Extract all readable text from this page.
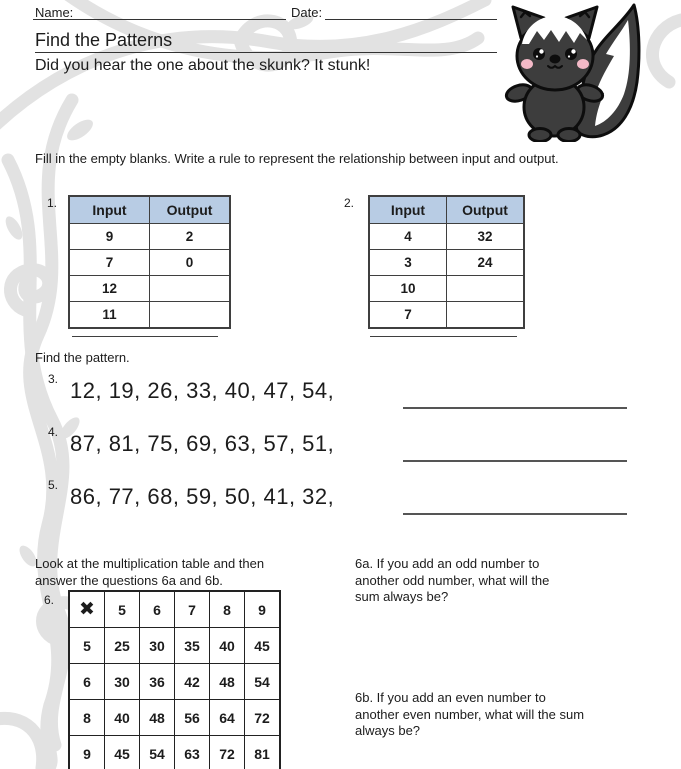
Name:	Date:
Find the Patterns
Did you hear the one about the skunk? It stunk!
Fill in the empty blanks. Write a rule to represent the relationship between input and output.
1.	Input	Output
9	2
7	0
12	
11	
2.	Input	Output
4	32
3	24
10	
7	
Find the pattern.
3. 12, 19, 26, 33, 40, 47, 54,
4. 87, 81, 75, 69, 63, 57, 51,
5. 86, 77, 68, 59, 50, 41, 32,
Look at the multiplication table and then answer the questions 6a and 6b.
6. ✖	5	6	7	8	9
5	25	30	35	40	45
6	30	36	42	48	54
8	40	48	56	64	72
9	45	54	63	72	81
6a. If you add an odd number to another odd number, what will the sum always be?
6b. If you add an even number to another even number, what will the sum always be?
